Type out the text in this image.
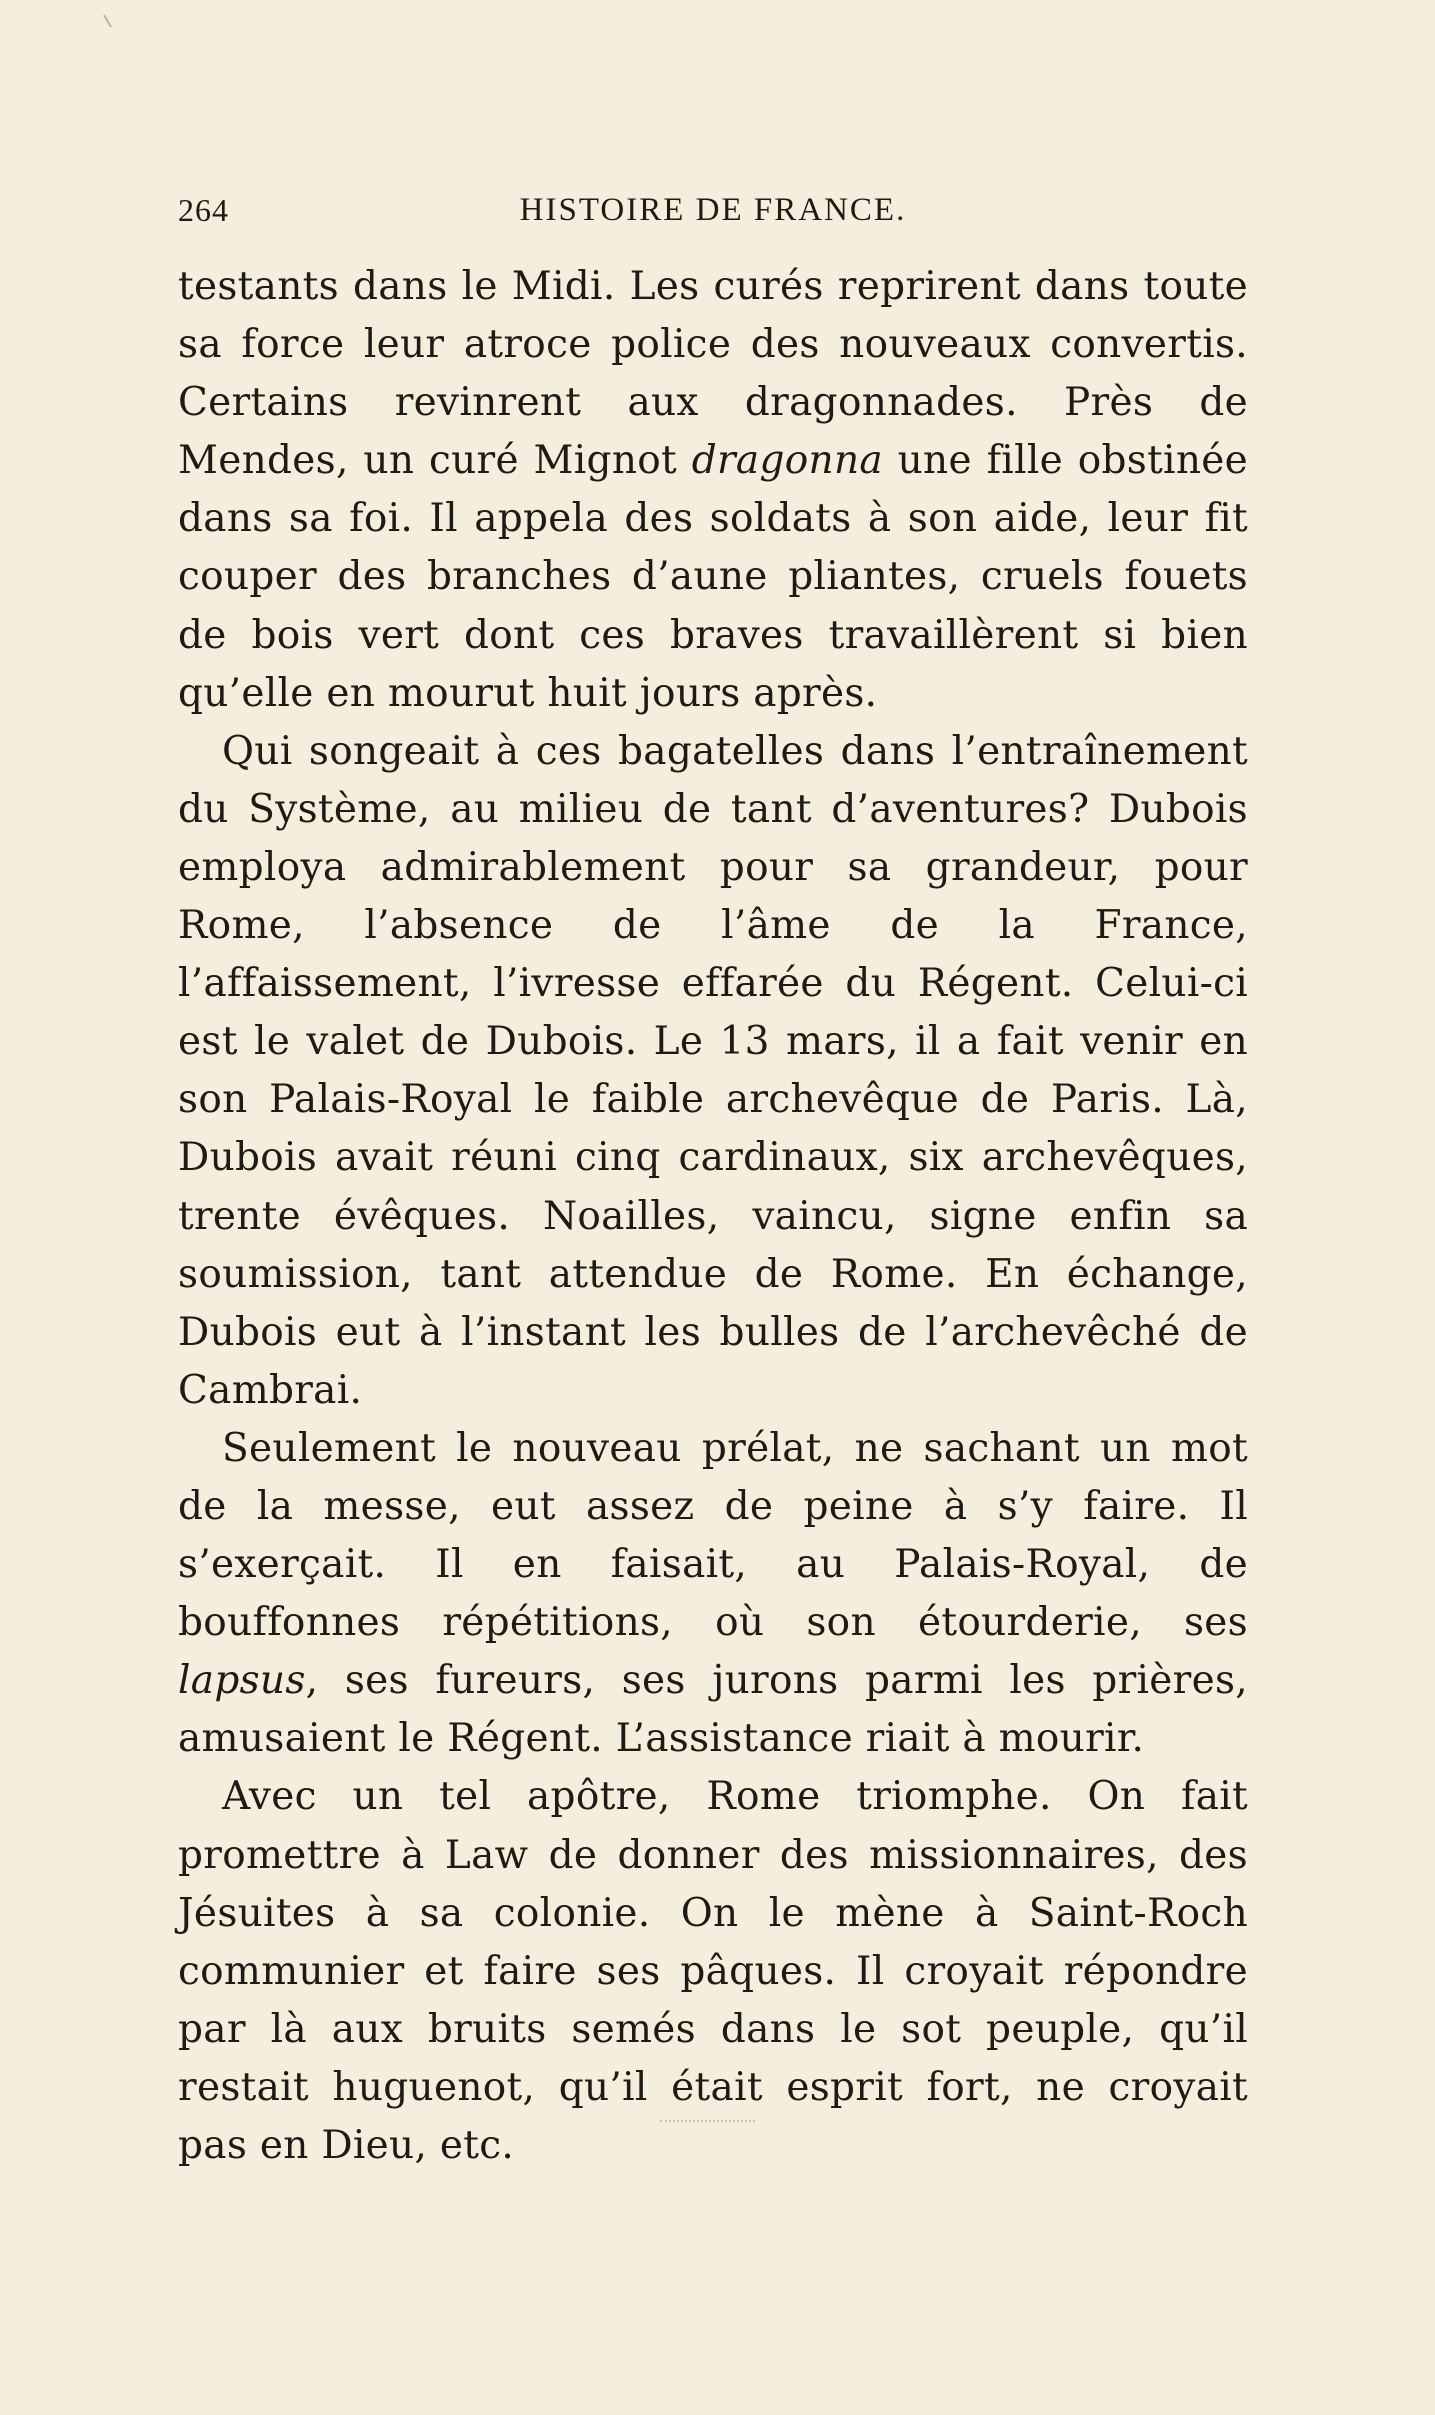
264	HISTOIRE DE FRANCE.

testants dans le Midi. Les curés reprirent dans toute sa force leur atroce police des nouveaux convertis. Certains revinrent aux dragonnades. Près de Mendes, un curé Mignot dragonna une fille obstinée dans sa foi. Il appela des soldats à son aide, leur fit couper des branches d’aune pliantes, cruels fouets de bois vert dont ces braves travaillèrent si bien qu’elle en mourut huit jours après.

Qui songeait à ces bagatelles dans l’entraînement du Système, au milieu de tant d’aventures? Dubois employa admirablement pour sa grandeur, pour Rome, l’absence de l’âme de la France, l’affaissement, l’ivresse effarée du Régent. Celui-ci est le valet de Dubois. Le 13 mars, il a fait venir en son Palais-Royal le faible archevêque de Paris. Là, Dubois avait réuni cinq cardinaux, six archevêques, trente évêques. Noailles, vaincu, signe enfin sa soumission, tant attendue de Rome. En échange, Dubois eut à l’instant les bulles de l’archevêché de Cambrai.

Seulement le nouveau prélat, ne sachant un mot de la messe, eut assez de peine à s’y faire. Il s’exerçait. Il en faisait, au Palais-Royal, de bouffonnes répétitions, où son étourderie, ses lapsus, ses fureurs, ses jurons parmi les prières, amusaient le Régent. L’assistance riait à mourir.

Avec un tel apôtre, Rome triomphe. On fait promettre à Law de donner des missionnaires, des Jésuites à sa colonie. On le mène à Saint-Roch communier et faire ses pâques. Il croyait répondre par là aux bruits semés dans le sot peuple, qu’il restait huguenot, qu’il était esprit fort, ne croyait pas en Dieu, etc.
